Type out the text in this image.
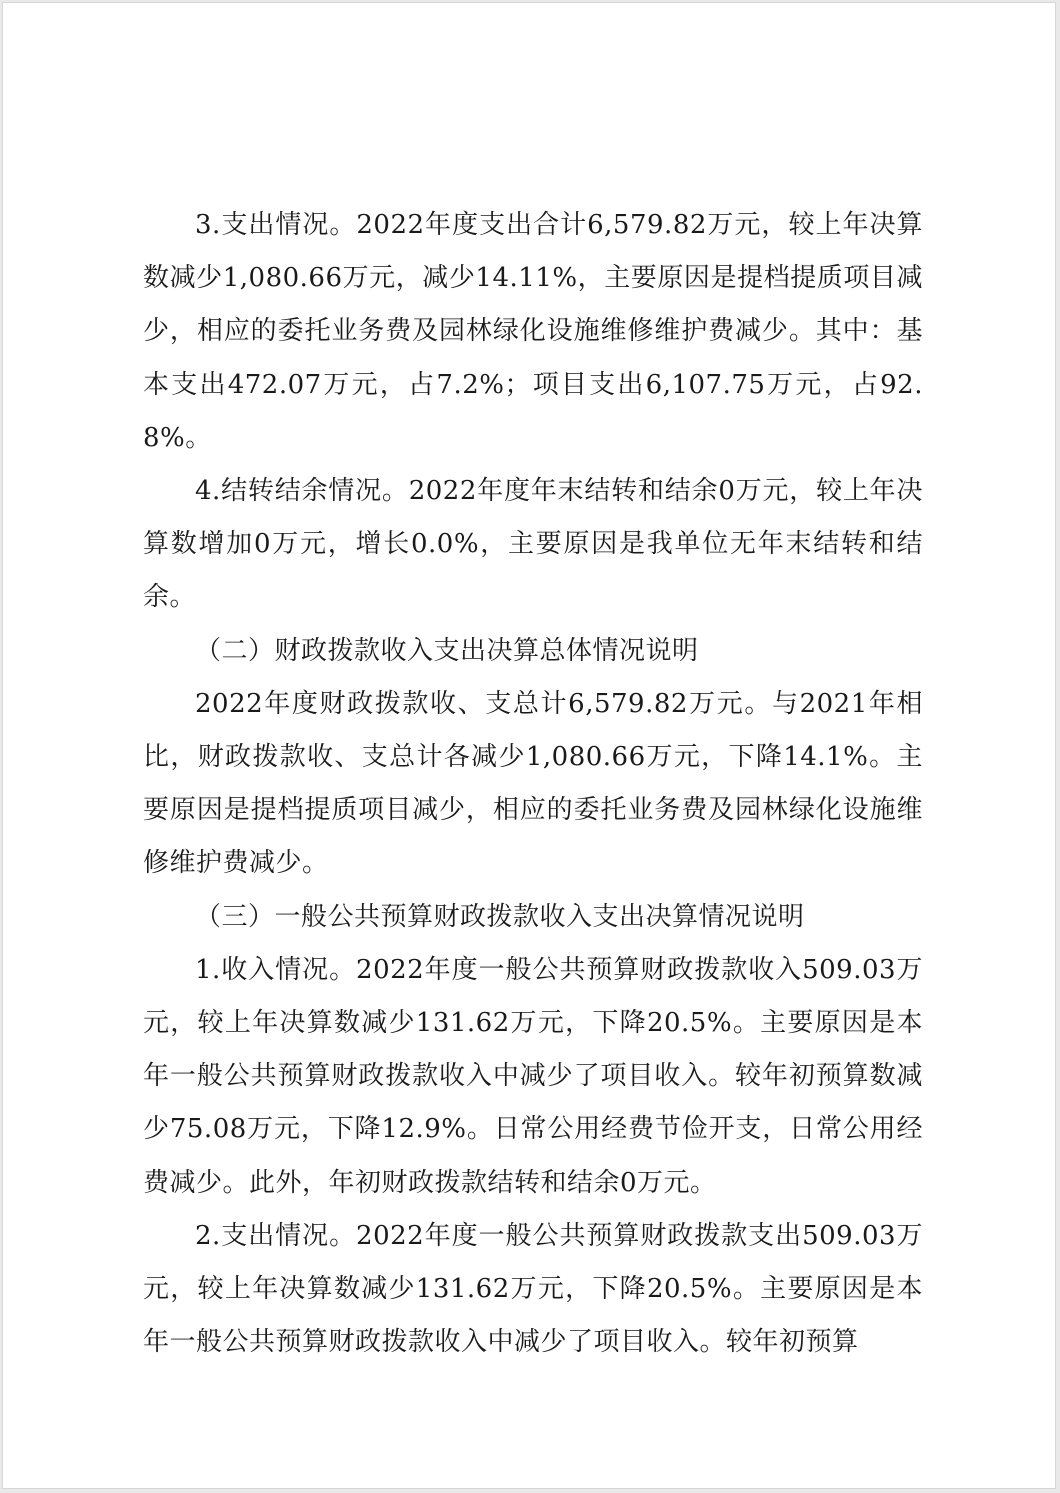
3.支出情况。2022年度支出合计6,579.82万元，较上年决算数减少1,080.66万元，减少14.11%，主要原因是提档提质项目减少，相应的委托业务费及园林绿化设施维修维护费减少。其中：基本支出472.07万元，占7.2%；项目支出6,107.75万元，占92.8%。

4.结转结余情况。2022年度年末结转和结余0万元，较上年决算数增加0万元，增长0.0%，主要原因是我单位无年末结转和结余。

（二）财政拨款收入支出决算总体情况说明

2022年度财政拨款收、支总计6,579.82万元。与2021年相比，财政拨款收、支总计各减少1,080.66万元，下降14.1%。主要原因是提档提质项目减少，相应的委托业务费及园林绿化设施维修维护费减少。

（三）一般公共预算财政拨款收入支出决算情况说明

1.收入情况。2022年度一般公共预算财政拨款收入509.03万元，较上年决算数减少131.62万元，下降20.5%。主要原因是本年一般公共预算财政拨款收入中减少了项目收入。较年初预算数减少75.08万元，下降12.9%。日常公用经费节俭开支，日常公用经费减少。此外，年初财政拨款结转和结余0万元。

2.支出情况。2022年度一般公共预算财政拨款支出509.03万元，较上年决算数减少131.62万元，下降20.5%。主要原因是本年一般公共预算财政拨款收入中减少了项目收入。较年初预算
